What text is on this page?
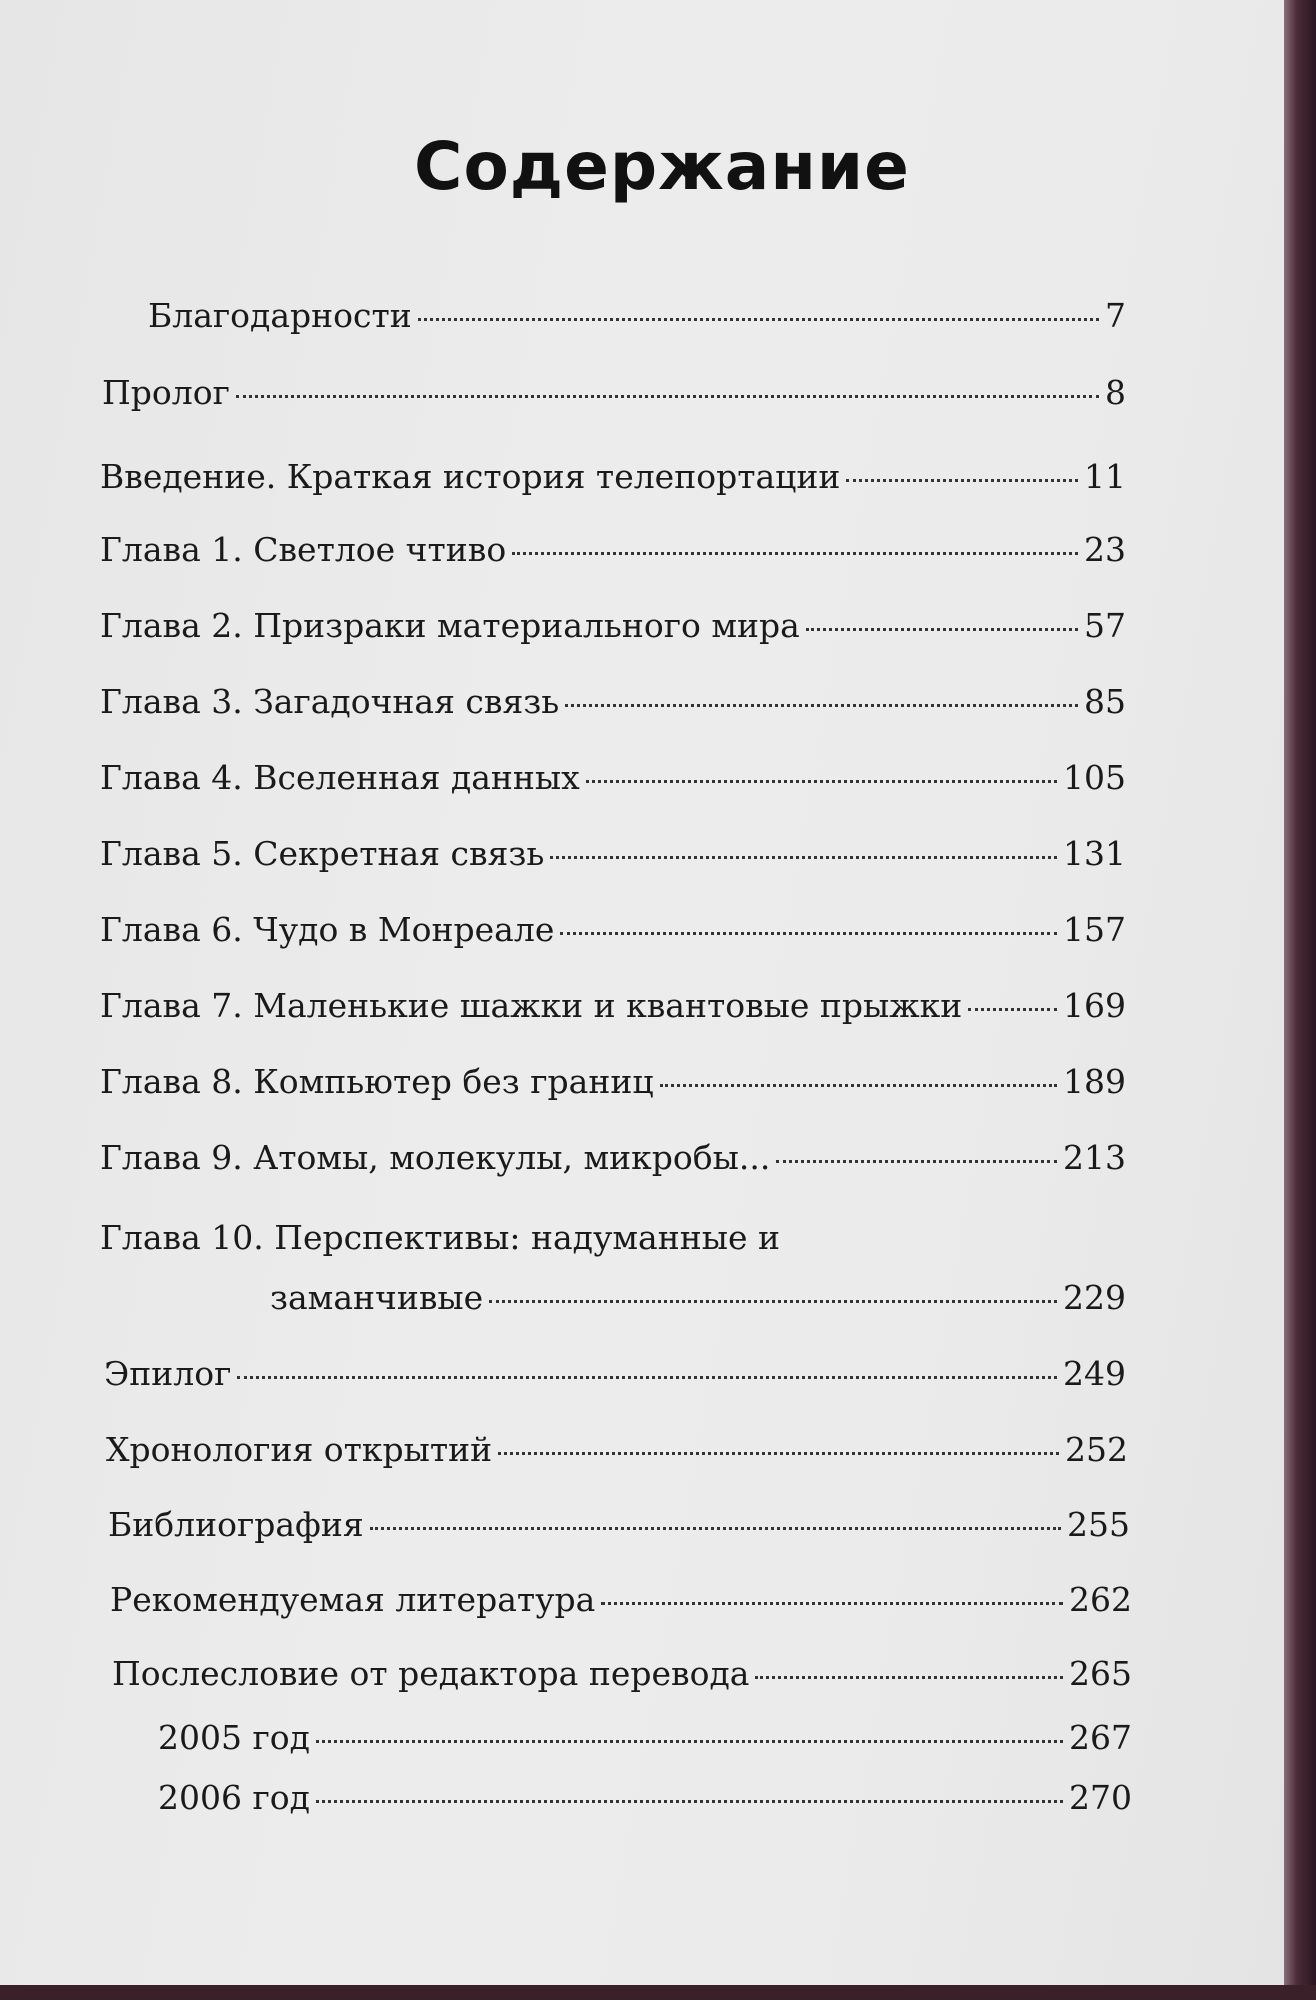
Содержание
Благодарности	7
Пролог	8
Введение. Краткая история телепортации	11
Глава 1. Светлое чтиво	23
Глава 2. Призраки материального мира	57
Глава 3. Загадочная связь	85
Глава 4. Вселенная данных	105
Глава 5. Секретная связь	131
Глава 6. Чудо в Монреале	157
Глава 7. Маленькие шажки и квантовые прыжки	169
Глава 8. Компьютер без границ	189
Глава 9. Атомы, молекулы, микробы...	213
Глава 10. Перспективы: надуманные и
заманчивые	229
Эпилог	249
Хронология открытий	252
Библиография	255
Рекомендуемая литература	262
Послесловие от редактора перевода	265
2005 год	267
2006 год	270
